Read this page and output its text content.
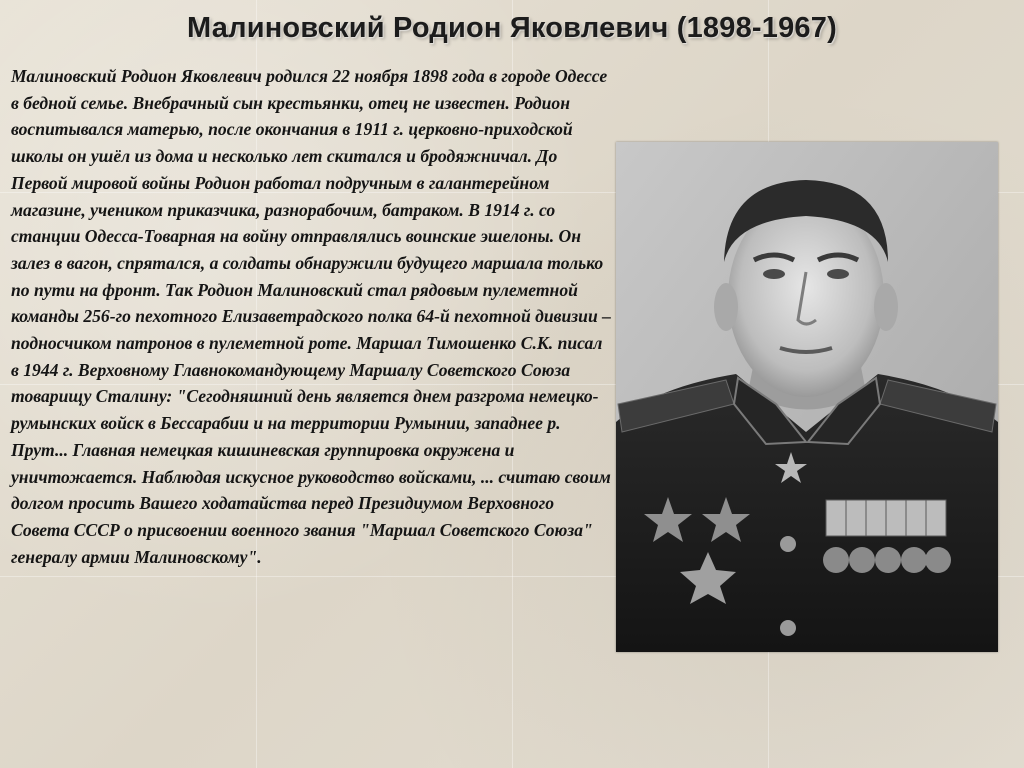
Малиновский Родион Яковлевич (1898-1967)

Малиновский Родион Яковлевич родился 22 ноября 1898 года в городе Одессе в бедной семье. Внебрачный сын крестьянки, отец не известен. Родион воспитывался матерью, после окончания в 1911 г. церковно-приходской школы он ушёл из дома и несколько лет скитался и бродяжничал. До Первой мировой войны Родион работал подручным в галантерейном магазине, учеником приказчика, разнорабочим, батраком. В 1914 г. со станции Одесса-Товарная на войну отправлялись воинские эшелоны. Он залез в вагон, спрятался, а солдаты обнаружили будущего маршала только по пути на фронт. Так Родион Малиновский стал рядовым пулеметной команды 256-го пехотного Елизаветрадского полка 64-й пехотной дивизии – подносчиком патронов в пулеметной роте. Маршал Тимошенко С.К. писал в 1944 г. Верховному Главнокомандующему Маршалу Советского Союза товарищу Сталину: "Сегодняшний день является днем разгрома немецко-румынских войск в Бессарабии и на территории Румынии, западнее р. Прут... Главная немецкая кишиневская группировка окружена и уничтожается. Наблюдая искусное руководство войсками, ... считаю своим долгом просить Вашего ходатайства перед Президиумом Верховного Совета СССР о присвоении военного звания "Маршал Советского Союза" генералу армии Малиновскому".
